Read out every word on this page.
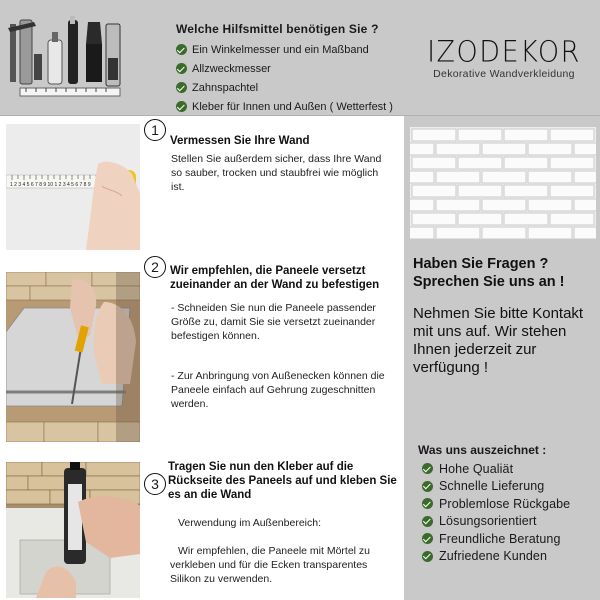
Welche Hilfsmittel benötigen Sie ?
Ein Winkelmesser und ein Maßband
Allzweckmesser
Zahnspachtel
Kleber für Innen und Außen ( Wetterfest )
IZODEKOR
Dekorative Wandverkleidung
1 2 3 4 5 6 7 8 9 10 1 2 3 4 5 6 7 8 9
1
Vermessen Sie Ihre Wand
Stellen Sie außerdem sicher, dass Ihre Wand so sauber, trocken und staubfrei wie möglich ist.
2 Wir empfehlen, die Paneele versetzt zueinander an der Wand zu befestigen
- Schneiden Sie nun die Paneele passender Größe zu, damit Sie sie versetzt zueinander befestigen können.
- Zur Anbringung von Außenecken können die Paneele einfach auf Gehrung zugeschnitten werden.
3
Tragen Sie nun den Kleber auf die Rückseite des Paneels auf und kleben Sie es an die Wand
Verwendung im Außenbereich:
Wir empfehlen, die Paneele mit Mörtel zu verkleben und für die Ecken transparentes Silikon zu verwenden.
Haben Sie Fragen ?
Sprechen Sie uns an !
Nehmen Sie bitte Kontakt mit uns auf. Wir stehen Ihnen jederzeit zur verfügung !
Was uns auszeichnet :
Hohe Qualiät
Schnelle Lieferung
Problemlose Rückgabe
Lösungsorientiert
Freundliche Beratung
Zufriedene Kunden
